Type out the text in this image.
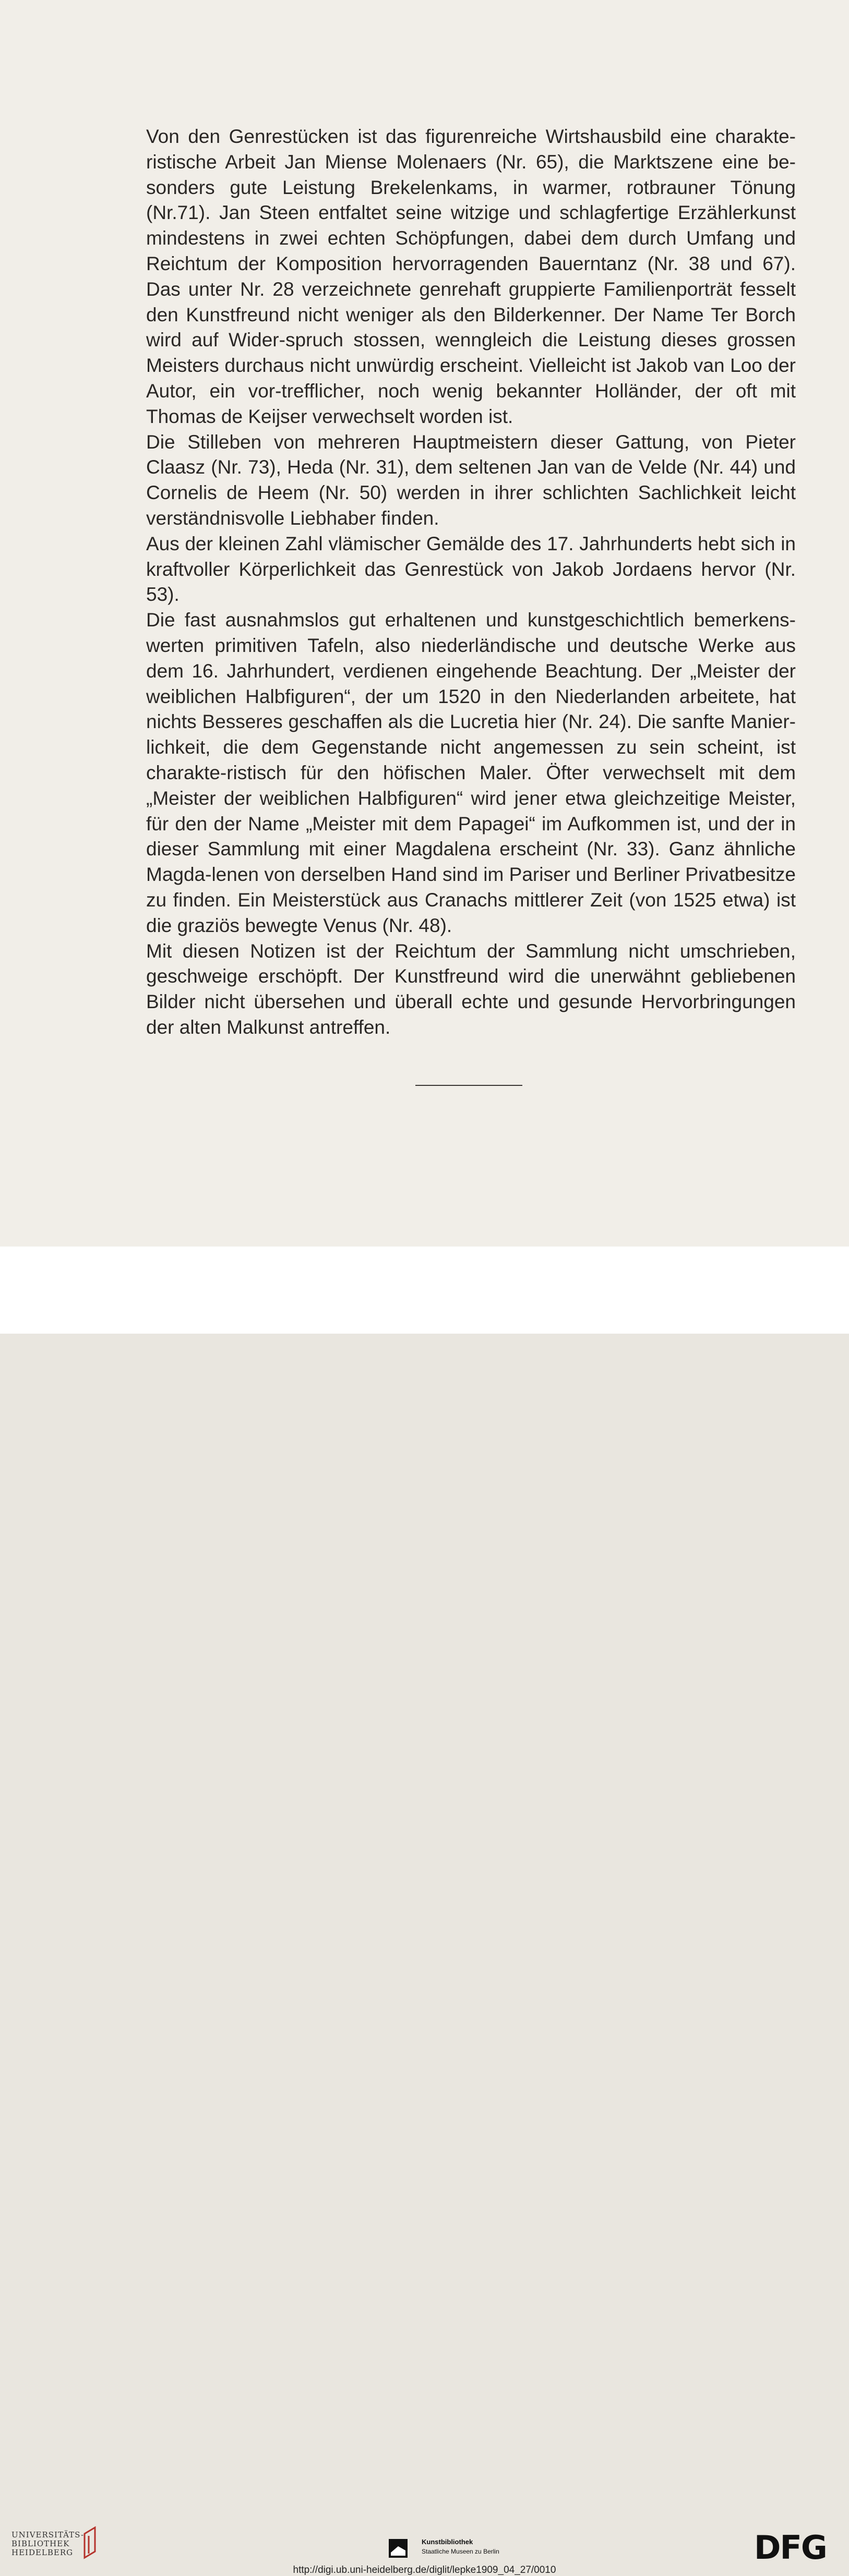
Von den Genrestücken ist das figurenreiche Wirtshausbild eine charakte-ristische Arbeit Jan Miense Molenaers (Nr. 65), die Marktszene eine be-sonders gute Leistung Brekelenkams, in warmer, rotbrauner Tönung (Nr.71). Jan Steen entfaltet seine witzige und schlagfertige Erzählerkunst mindestens in zwei echten Schöpfungen, dabei dem durch Umfang und Reichtum der Komposition hervorragenden Bauerntanz (Nr. 38 und 67). Das unter Nr. 28 verzeichnete genrehaft gruppierte Familienporträt fesselt den Kunstfreund nicht weniger als den Bilderkenner. Der Name Ter Borch wird auf Wider-spruch stossen, wenngleich die Leistung dieses grossen Meisters durchaus nicht unwürdig erscheint. Vielleicht ist Jakob van Loo der Autor, ein vor-trefflicher, noch wenig bekannter Holländer, der oft mit Thomas de Keijser verwechselt worden ist.

Die Stilleben von mehreren Hauptmeistern dieser Gattung, von Pieter Claasz (Nr. 73), Heda (Nr. 31), dem seltenen Jan van de Velde (Nr. 44) und Cornelis de Heem (Nr. 50) werden in ihrer schlichten Sachlichkeit leicht verständnisvolle Liebhaber finden.

Aus der kleinen Zahl vlämischer Gemälde des 17. Jahrhunderts hebt sich in kraftvoller Körperlichkeit das Genrestück von Jakob Jordaens hervor (Nr. 53).

Die fast ausnahmslos gut erhaltenen und kunstgeschichtlich bemerkens-werten primitiven Tafeln, also niederländische und deutsche Werke aus dem 16. Jahrhundert, verdienen eingehende Beachtung. Der „Meister der weiblichen Halbfiguren“, der um 1520 in den Niederlanden arbeitete, hat nichts Besseres geschaffen als die Lucretia hier (Nr. 24). Die sanfte Manier-lichkeit, die dem Gegenstande nicht angemessen zu sein scheint, ist charakte-ristisch für den höfischen Maler. Öfter verwechselt mit dem „Meister der weiblichen Halbfiguren“ wird jener etwa gleichzeitige Meister, für den der Name „Meister mit dem Papagei“ im Aufkommen ist, und der in dieser Sammlung mit einer Magdalena erscheint (Nr. 33). Ganz ähnliche Magda-lenen von derselben Hand sind im Pariser und Berliner Privatbesitze zu finden. Ein Meisterstück aus Cranachs mittlerer Zeit (von 1525 etwa) ist die graziös bewegte Venus (Nr. 48).

Mit diesen Notizen ist der Reichtum der Sammlung nicht umschrieben, geschweige erschöpft. Der Kunstfreund wird die unerwähnt gebliebenen Bilder nicht übersehen und überall echte und gesunde Hervorbringungen der alten Malkunst antreffen.

UNIVERSITÄTS-
BIBLIOTHEK
HEIDELBERG
Kunstbibliothek
Staatliche Museen zu Berlin	DFG
http://digi.ub.uni-heidelberg.de/diglit/lepke1909_04_27/0010
